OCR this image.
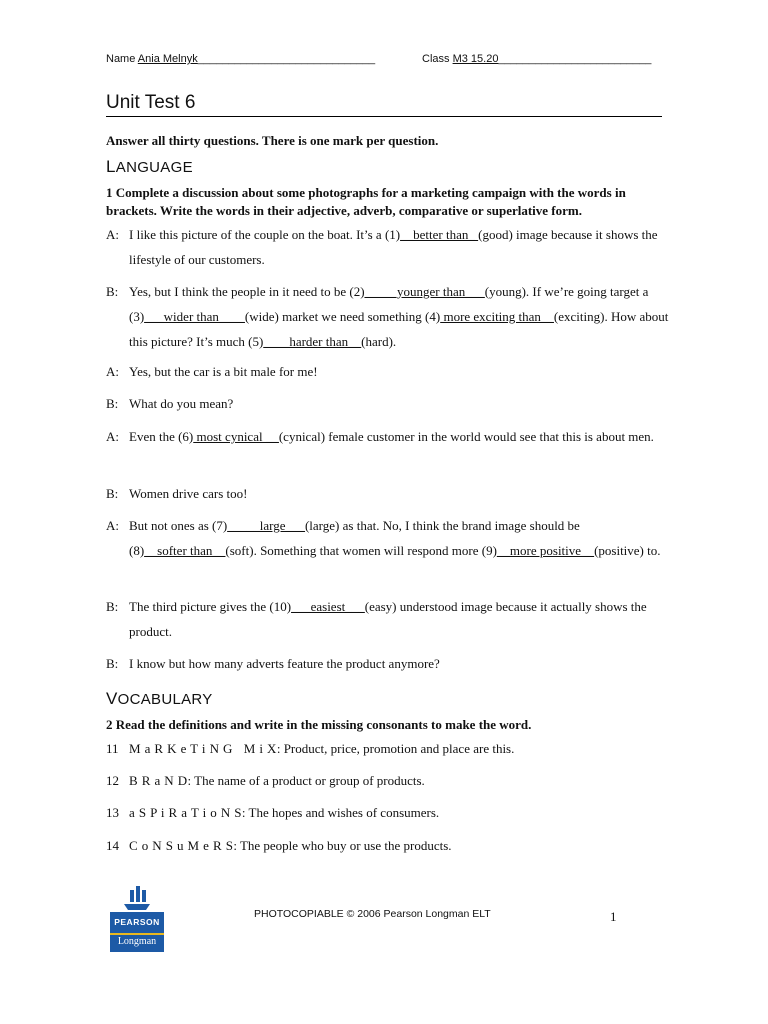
Name Ania Melnyk_____________________________	Class M3 15.20_________________________
Unit Test 6
Answer all thirty questions. There is one mark per question.
LANGUAGE
1 Complete a discussion about some photographs for a marketing campaign with the words in brackets. Write the words in their adjective, adverb, comparative or superlative form.
A: I like this picture of the couple on the boat. It’s a (1)__better than_ (good) image because it shows the lifestyle of our customers.
B: Yes, but I think the people in it need to be (2)_____younger than___(young). If we’re going target a (3)___wider than____(wide) market we need something (4) more exciting than__(exciting). How about this picture? It’s much (5)____harder than__(hard).
A: Yes, but the car is a bit male for me!
B: What do you mean?
A: Even the (6) most cynical __(cynical) female customer in the world would see that this is about men.
B: Women drive cars too!
A: But not ones as (7)_____large___(large) as that. No, I think the brand image should be (8)__softer than__(soft). Something that women will respond more (9)__more positive__(positive) to.
B: The third picture gives the (10)___easiest___(easy) understood image because it actually shows the product.
B: I know but how many adverts feature the product anymore?
VOCABULARY
2 Read the definitions and write in the missing consonants to make the word.
11 M a R K e T i N G   M i X: Product, price, promotion and place are this.
12 B R a N D: The name of a product or group of products.
13 a S P i R a T i o N S: The hopes and wishes of consumers.
14 C o N S u M e R S: The people who buy or use the products.
PEARSON
Longman
PHOTOCOPIABLE © 2006 Pearson Longman ELT	1
